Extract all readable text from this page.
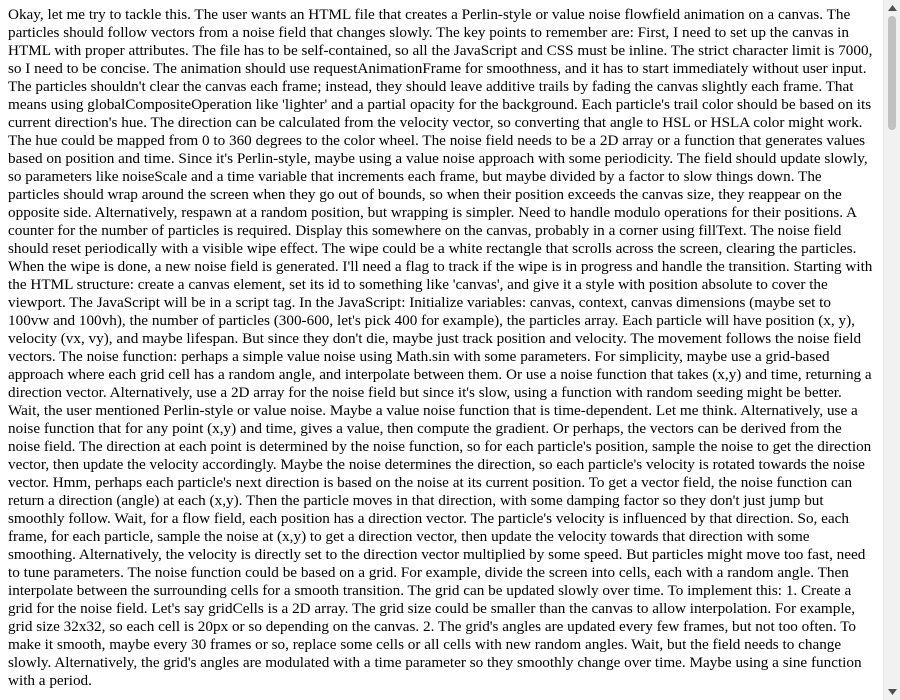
Okay, let me try to tackle this. The user wants an HTML file that creates a Perlin-style or value noise flowfield animation on a canvas. The particles should follow vectors from a noise field that changes slowly. The key points to remember are: First, I need to set up the canvas in HTML with proper attributes. The file has to be self-contained, so all the JavaScript and CSS must be inline. The strict character limit is 7000, so I need to be concise. The animation should use requestAnimationFrame for smoothness, and it has to start immediately without user input. The particles shouldn't clear the canvas each frame; instead, they should leave additive trails by fading the canvas slightly each frame. That means using globalCompositeOperation like 'lighter' and a partial opacity for the background. Each particle's trail color should be based on its current direction's hue. The direction can be calculated from the velocity vector, so converting that angle to HSL or HSLA color might work. The hue could be mapped from 0 to 360 degrees to the color wheel. The noise field needs to be a 2D array or a function that generates values based on position and time. Since it's Perlin-style, maybe using a value noise approach with some periodicity. The field should update slowly, so parameters like noiseScale and a time variable that increments each frame, but maybe divided by a factor to slow things down. The particles should wrap around the screen when they go out of bounds, so when their position exceeds the canvas size, they reappear on the opposite side. Alternatively, respawn at a random position, but wrapping is simpler. Need to handle modulo operations for their positions. A counter for the number of particles is required. Display this somewhere on the canvas, probably in a corner using fillText. The noise field should reset periodically with a visible wipe effect. The wipe could be a white rectangle that scrolls across the screen, clearing the particles. When the wipe is done, a new noise field is generated. I'll need a flag to track if the wipe is in progress and handle the transition. Starting with the HTML structure: create a canvas element, set its id to something like 'canvas', and give it a style with position absolute to cover the viewport. The JavaScript will be in a script tag. In the JavaScript: Initialize variables: canvas, context, canvas dimensions (maybe set to 100vw and 100vh), the number of particles (300-600, let's pick 400 for example), the particles array. Each particle will have position (x, y), velocity (vx, vy), and maybe lifespan. But since they don't die, maybe just track position and velocity. The movement follows the noise field vectors. The noise function: perhaps a simple value noise using Math.sin with some parameters. For simplicity, maybe use a grid-based approach where each grid cell has a random angle, and interpolate between them. Or use a noise function that takes (x,y) and time, returning a direction vector. Alternatively, use a 2D array for the noise field but since it's slow, using a function with random seeding might be better. Wait, the user mentioned Perlin-style or value noise. Maybe a value noise function that is time-dependent. Let me think. Alternatively, use a noise function that for any point (x,y) and time, gives a value, then compute the gradient. Or perhaps, the vectors can be derived from the noise field. The direction at each point is determined by the noise function, so for each particle's position, sample the noise to get the direction vector, then update the velocity accordingly. Maybe the noise determines the direction, so each particle's velocity is rotated towards the noise vector. Hmm, perhaps each particle's next direction is based on the noise at its current position. To get a vector field, the noise function can return a direction (angle) at each (x,y). Then the particle moves in that direction, with some damping factor so they don't just jump but smoothly follow. Wait, for a flow field, each position has a direction vector. The particle's velocity is influenced by that direction. So, each frame, for each particle, sample the noise at (x,y) to get a direction vector, then update the velocity towards that direction with some smoothing. Alternatively, the velocity is directly set to the direction vector multiplied by some speed. But particles might move too fast, need to tune parameters. The noise function could be based on a grid. For example, divide the screen into cells, each with a random angle. Then interpolate between the surrounding cells for a smooth transition. The grid can be updated slowly over time. To implement this: 1. Create a grid for the noise field. Let's say gridCells is a 2D array. The grid size could be smaller than the canvas to allow interpolation. For example, grid size 32x32, so each cell is 20px or so depending on the canvas. 2. The grid's angles are updated every few frames, but not too often. To make it smooth, maybe every 30 frames or so, replace some cells or all cells with new random angles. Wait, but the field needs to change slowly. Alternatively, the grid's angles are modulated with a time parameter so they smoothly change over time. Maybe using a sine function with a period.
